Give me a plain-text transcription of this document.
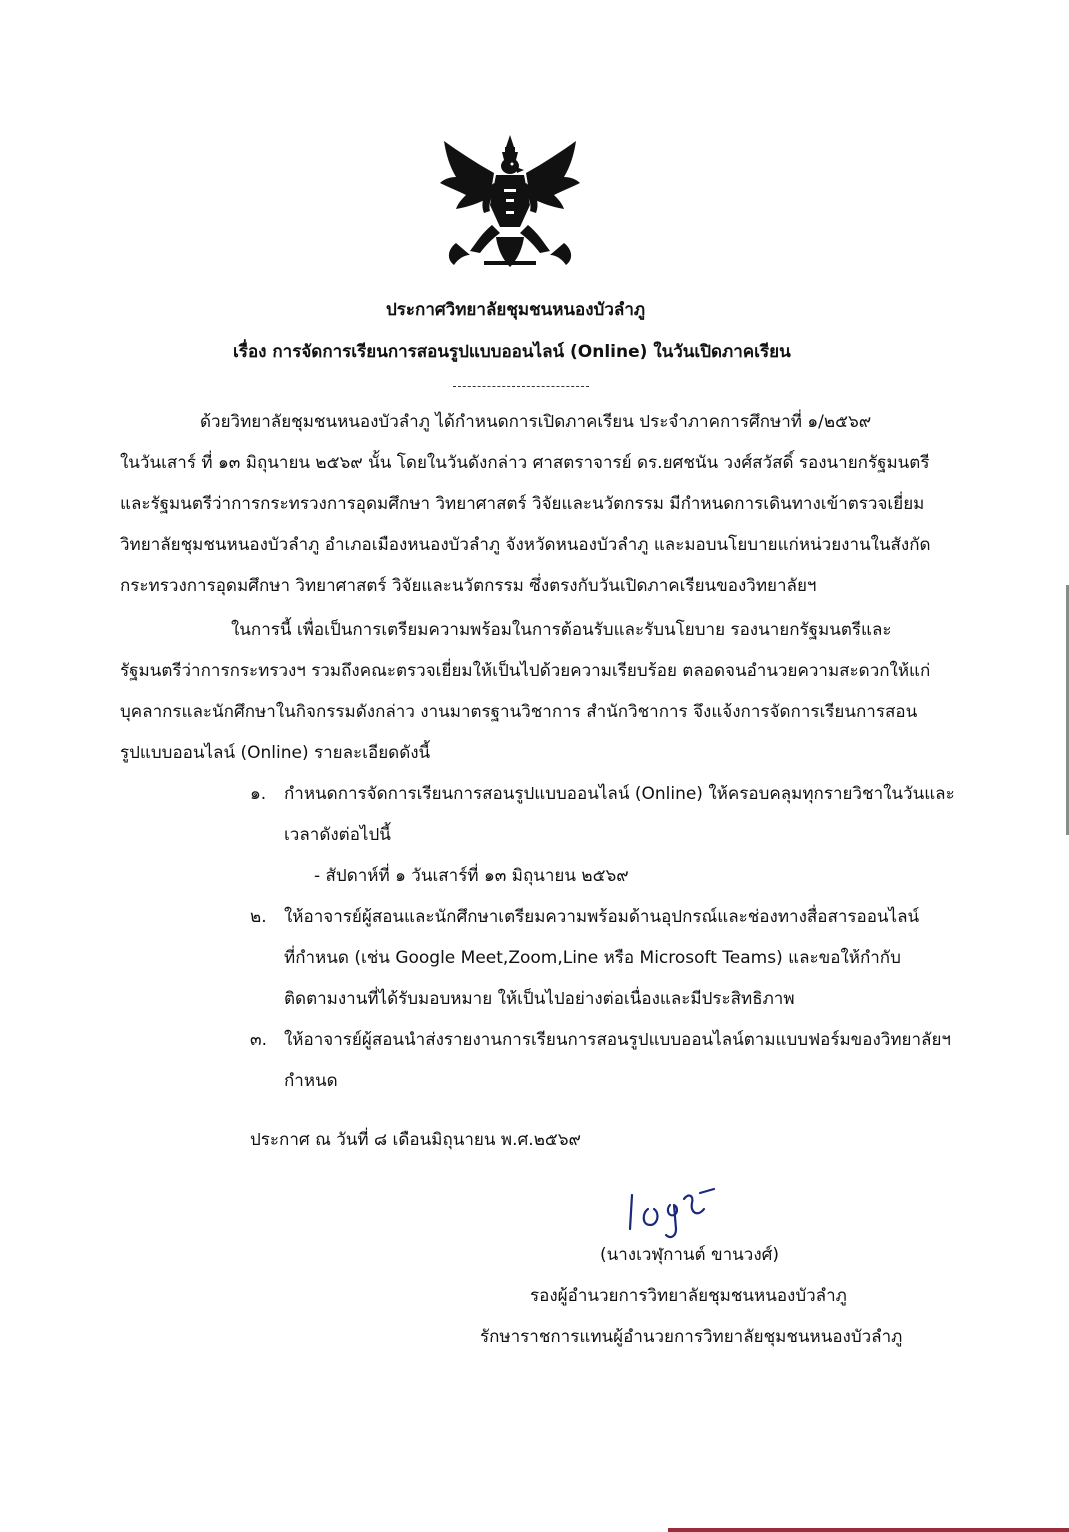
ประกาศวิทยาลัยชุมชนหนองบัวลำภู
เรื่อง การจัดการเรียนการสอนรูปแบบออนไลน์ (Online) ในวันเปิดภาคเรียน
ด้วยวิทยาลัยชุมชนหนองบัวลำภู ได้กำหนดการเปิดภาคเรียน ประจำภาคการศึกษาที่ ๑/๒๕๖๙
ในวันเสาร์ ที่ ๑๓ มิถุนายน ๒๕๖๙ นั้น โดยในวันดังกล่าว ศาสตราจารย์ ดร.ยศชนัน วงศ์สวัสดิ์ รองนายกรัฐมนตรี
และรัฐมนตรีว่าการกระทรวงการอุดมศึกษา วิทยาศาสตร์ วิจัยและนวัตกรรม มีกำหนดการเดินทางเข้าตรวจเยี่ยม
วิทยาลัยชุมชนหนองบัวลำภู อำเภอเมืองหนองบัวลำภู จังหวัดหนองบัวลำภู และมอบนโยบายแก่หน่วยงานในสังกัด
กระทรวงการอุดมศึกษา วิทยาศาสตร์ วิจัยและนวัตกรรม ซึ่งตรงกับวันเปิดภาคเรียนของวิทยาลัยฯ
ในการนี้ เพื่อเป็นการเตรียมความพร้อมในการต้อนรับและรับนโยบาย รองนายกรัฐมนตรีและ
รัฐมนตรีว่าการกระทรวงฯ รวมถึงคณะตรวจเยี่ยมให้เป็นไปด้วยความเรียบร้อย ตลอดจนอำนวยความสะดวกให้แก่
บุคลากรและนักศึกษาในกิจกรรมดังกล่าว งานมาตรฐานวิชาการ สำนักวิชาการ จึงแจ้งการจัดการเรียนการสอน
รูปแบบออนไลน์ (Online) รายละเอียดดังนี้
๑. กำหนดการจัดการเรียนการสอนรูปแบบออนไลน์ (Online) ให้ครอบคลุมทุกรายวิชาในวันและ
เวลาดังต่อไปนี้
- สัปดาห์ที่ ๑ วันเสาร์ที่ ๑๓ มิถุนายน ๒๕๖๙
๒. ให้อาจารย์ผู้สอนและนักศึกษาเตรียมความพร้อมด้านอุปกรณ์และช่องทางสื่อสารออนไลน์
ที่กำหนด (เช่น Google Meet,Zoom,Line หรือ Microsoft Teams) และขอให้กำกับ
ติดตามงานที่ได้รับมอบหมาย ให้เป็นไปอย่างต่อเนื่องและมีประสิทธิภาพ
๓. ให้อาจารย์ผู้สอนนำส่งรายงานการเรียนการสอนรูปแบบออนไลน์ตามแบบฟอร์มของวิทยาลัยฯ
กำหนด
ประกาศ ณ วันที่ ๘ เดือนมิถุนายน พ.ศ.๒๕๖๙
(นางเวฬุกานต์ ขานวงศ์)
รองผู้อำนวยการวิทยาลัยชุมชนหนองบัวลำภู
รักษาราชการแทนผู้อำนวยการวิทยาลัยชุมชนหนองบัวลำภู
